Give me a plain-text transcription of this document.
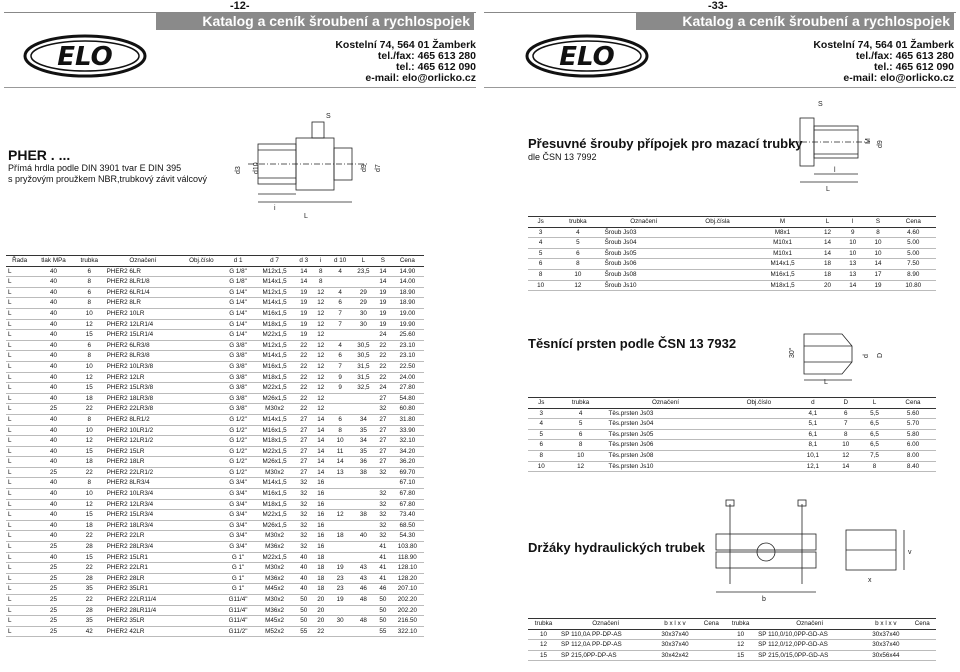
-12-
Katalog a ceník šroubení a rychlospojek
ELO	Kostelní 74, 564 01 Žamberk
tel./fax: 465 613 280
tel.: 465 612 090
e-mail: elo@orlicko.cz
PHER . ...
Přímá hrdla podle DIN 3901 tvar E DIN 395
s pryžovým proužkem NBR,trubkový závit válcový
d3 d10	d9 d7
S
i
L
Řada	tlak MPa	trubka	Označení	Obj.číslo	d 1	d 7	d 3	i	d 10	L	S	Cena
L	40	6	PHER2 6LR		G 1/8"	M12x1,5	14	8	4	23,5	14	14.90
L	40	8	PHER2 8LR1/8		G 1/8"	M14x1,5	14	8			14	14.00
L	40	6	PHER2 6LR1/4		G 1/4"	M12x1,5	19	12	4	29	19	18.90
L	40	8	PHER2 8LR		G 1/4"	M14x1,5	19	12	6	29	19	18.90
L	40	10	PHER2 10LR		G 1/4"	M16x1,5	19	12	7	30	19	19.00
L	40	12	PHER2 12LR1/4		G 1/4"	M18x1,5	19	12	7	30	19	19.90
L	40	15	PHER2 15LR1/4		G 1/4"	M22x1,5	19	12			24	25.60
L	40	6	PHER2 6LR3/8		G 3/8"	M12x1,5	22	12	4	30,5	22	23.10
L	40	8	PHER2 8LR3/8		G 3/8"	M14x1,5	22	12	6	30,5	22	23.10
L	40	10	PHER2 10LR3/8		G 3/8"	M16x1,5	22	12	7	31,5	22	22.50
L	40	12	PHER2 12LR		G 3/8"	M18x1,5	22	12	9	31,5	22	24.00
L	40	15	PHER2 15LR3/8		G 3/8"	M22x1,5	22	12	9	32,5	24	27.80
L	40	18	PHER2 18LR3/8		G 3/8"	M26x1,5	22	12			27	54.80
L	25	22	PHER2 22LR3/8		G 3/8"	M30x2	22	12			32	60.80
L	40	8	PHER2 8LR1/2		G 1/2"	M14x1,5	27	14	6	34	27	31.80
L	40	10	PHER2 10LR1/2		G 1/2"	M16x1,5	27	14	8	35	27	33.90
L	40	12	PHER2 12LR1/2		G 1/2"	M18x1,5	27	14	10	34	27	32.10
L	40	15	PHER2 15LR		G 1/2"	M22x1,5	27	14	11	35	27	34.20
L	40	18	PHER2 18LR		G 1/2"	M26x1,5	27	14	14	36	27	36.20
L	25	22	PHER2 22LR1/2		G 1/2"	M30x2	27	14	13	38	32	69.70
L	40	8	PHER2 8LR3/4		G 3/4"	M14x1,5	32	16				67.10
L	40	10	PHER2 10LR3/4		G 3/4"	M16x1,5	32	16			32	67.80
L	40	12	PHER2 12LR3/4		G 3/4"	M18x1,5	32	16			32	67.80
L	40	15	PHER2 15LR3/4		G 3/4"	M22x1,5	32	16	12	38	32	73.40
L	40	18	PHER2 18LR3/4		G 3/4"	M26x1,5	32	16			32	68.50
L	40	22	PHER2 22LR		G 3/4"	M30x2	32	16	18	40	32	54.30
L	25	28	PHER2 28LR3/4		G 3/4"	M36x2	32	16			41	103.80
L	40	15	PHER2 15LR1		G 1"	M22x1,5	40	18			41	118.90
L	25	22	PHER2 22LR1		G 1"	M30x2	40	18	19	43	41	128.10
L	25	28	PHER2 28LR		G 1"	M36x2	40	18	23	43	41	128.20
L	25	35	PHER2 35LR1		G 1"	M45x2	40	18	23	46	46	207.10
L	25	22	PHER2 22LR11/4		G11/4"	M30x2	50	20	19	48	50	202.20
L	25	28	PHER2 28LR11/4		G11/4"	M36x2	50	20			50	202.20
L	25	35	PHER2 35LR		G11/4"	M45x2	50	20	30	48	50	216.50
L	25	42	PHER2 42LR		G11/2"	M52x2	55	22			55	322.10
-33-
Katalog a ceník šroubení a rychlospojek
ELO	Kostelní 74, 564 01 Žamberk
tel./fax: 465 613 280
tel.: 465 612 090
e-mail: elo@orlicko.cz
Přesuvné šrouby přípojek pro mazací trubky
dle ČSN 13 7992
S
M d9
l
L
Js	trubka	Označení	Obj.čísla	M	L	l	S	Cena
3	4	Šroub Js03		M8x1	12	9	8	4.60
4	5	Šroub Js04		M10x1	14	10	10	5.00
5	6	Šroub Js05		M10x1	14	10	10	5.00
6	8	Šroub Js06		M14x1,5	18	13	14	7.50
8	10	Šroub Js08		M16x1,5	18	13	17	8.90
10	12	Šroub Js10		M18x1,5	20	14	19	10.80
Těsnící prsten podle ČSN 13 7932
30°	d D
L
Js	trubka	Označení	Obj.číslo	d	D	L	Cena
3	4	Těs.prsten Js03		4,1	6	5,5	5.60
4	5	Těs.prsten Js04		5,1	7	6,5	5.70
5	6	Těs.prsten Js05		6,1	8	6,5	5.80
6	8	Těs.prsten Js06		8,1	10	6,5	6.00
8	10	Těs.prsten Js08		10,1	12	7,5	8.00
10	12	Těs.prsten Js10		12,1	14	8	8.40
Držáky hydraulických trubek
b
v
x
trubka	Označení	b x l x v	Cena	trubka	Označení	b x l x v	Cena
10	SP 110,0A PP-DP-AS	30x37x40		10	SP 110,0/10,0PP-GD-AS	30x37x40	
12	SP 112,0A PP-DP-AS	30x37x40		12	SP 112,0/12,0PP-GD-AS	30x37x40	
15	SP 215,0PP-DP-AS	30x42x42		15	SP 215,0/15,0PP-GD-AS	30x56x44	
